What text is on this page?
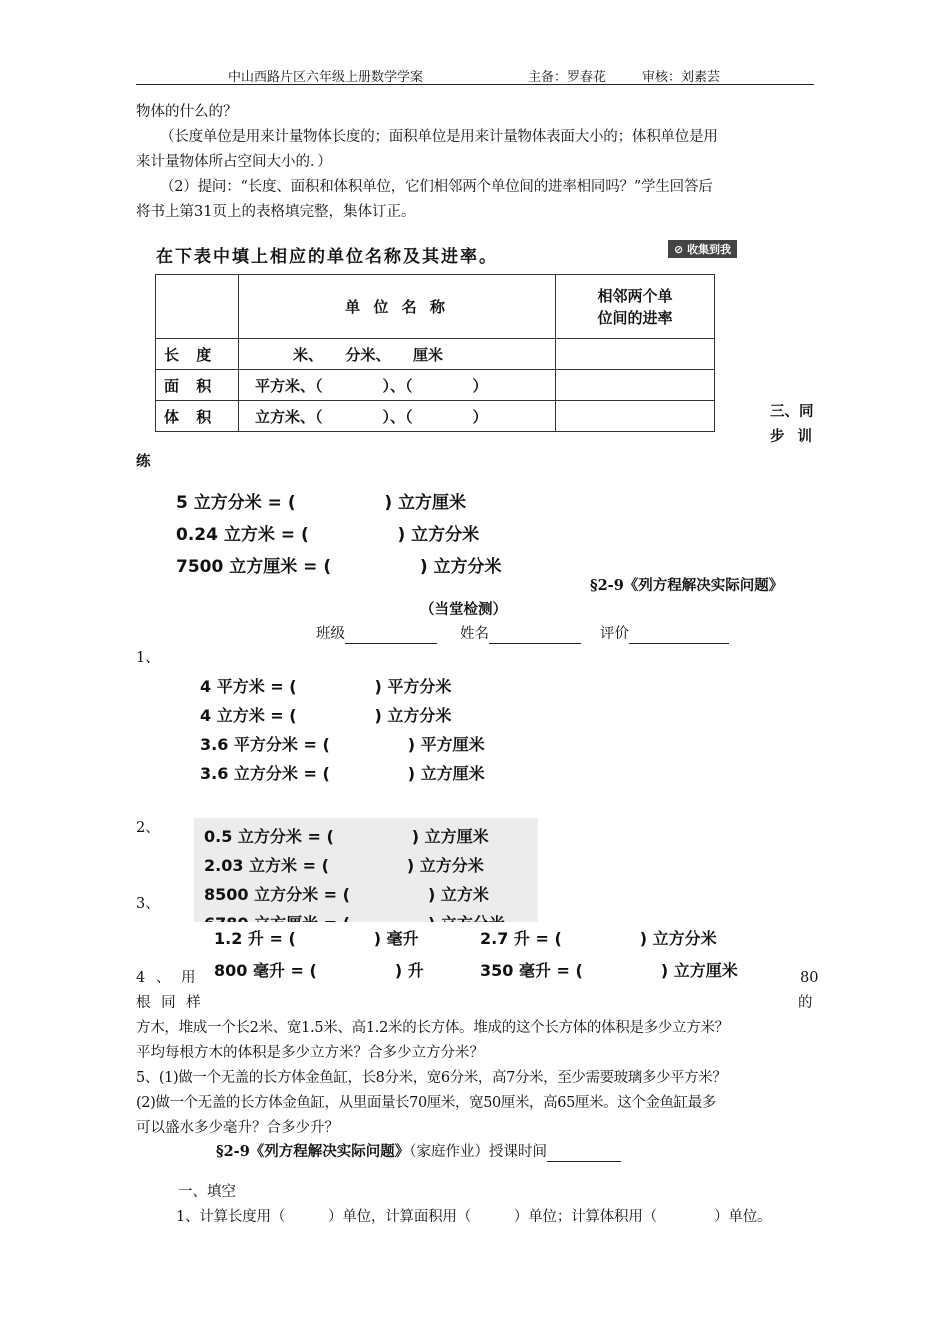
中山西路片区六年级上册数学学案	主备：罗春花	审核：刘素芸
物体的什么的？
（长度单位是用来计量物体长度的；面积单位是用来计量物体表面大小的；体积单位是用
来计量物体所占空间大小的．）
（2）提问：“长度、面积和体积单位，它们相邻两个单位间的进率相同吗？”学生回答后
将书上第31页上的表格填完整，集体订正。
在下表中填上相应的单位名称及其进率。	⊘ 收集到我
	单 位 名 称	相邻两个单
位间的进率

长 度	米、　　分米、　　厘米	
面 积	平方米、（　　　　）、（　　　　）	
体 积	立方米、（　　　　）、（　　　　）		三、同
步 训
练
5 立方分米 = (               ) 立方厘米
0.24 立方米 = (               ) 立方分米
7500 立方厘米 = (               ) 立方分米
§2-9《列方程解决实际问题》
（当堂检测）
班级	姓名	评价
1、
4 平方米 = (              ) 平方分米
4 立方米 = (              ) 立方分米
3.6 平方分米 = (              ) 平方厘米
3.6 立方分米 = (              ) 立方厘米
2、	0.5 立方分米 = (              ) 立方厘米
2.03 立方米 = (              ) 立方分米
8500 立方分米 = (              ) 立方米
3、
1.2 升 = (              ) 毫升	2.7 升 = (              ) 立方分米
800 毫升 = (              ) 升	350 毫升 = (              ) 立方厘米
4 、 用	80
根 同 样	的
方木，堆成一个长2米、宽1.5米、高1.2米的长方体。堆成的这个长方体的体积是多少立方米？
平均每根方木的体积是多少立方米？合多少立方分米？
5、(1)做一个无盖的长方体金鱼缸，长8分米，宽6分米，高7分米，至少需要玻璃多少平方米？
(2)做一个无盖的长方体金鱼缸，从里面量长70厘米，宽50厘米，高65厘米。这个金鱼缸最多
可以盛水多少毫升？合多少升？
§2-9《列方程解决实际问题》（家庭作业）授课时间
一、填空
1、计算长度用（　　　）单位，计算面积用（　　　）单位；计算体积用（　　　　）单位。
